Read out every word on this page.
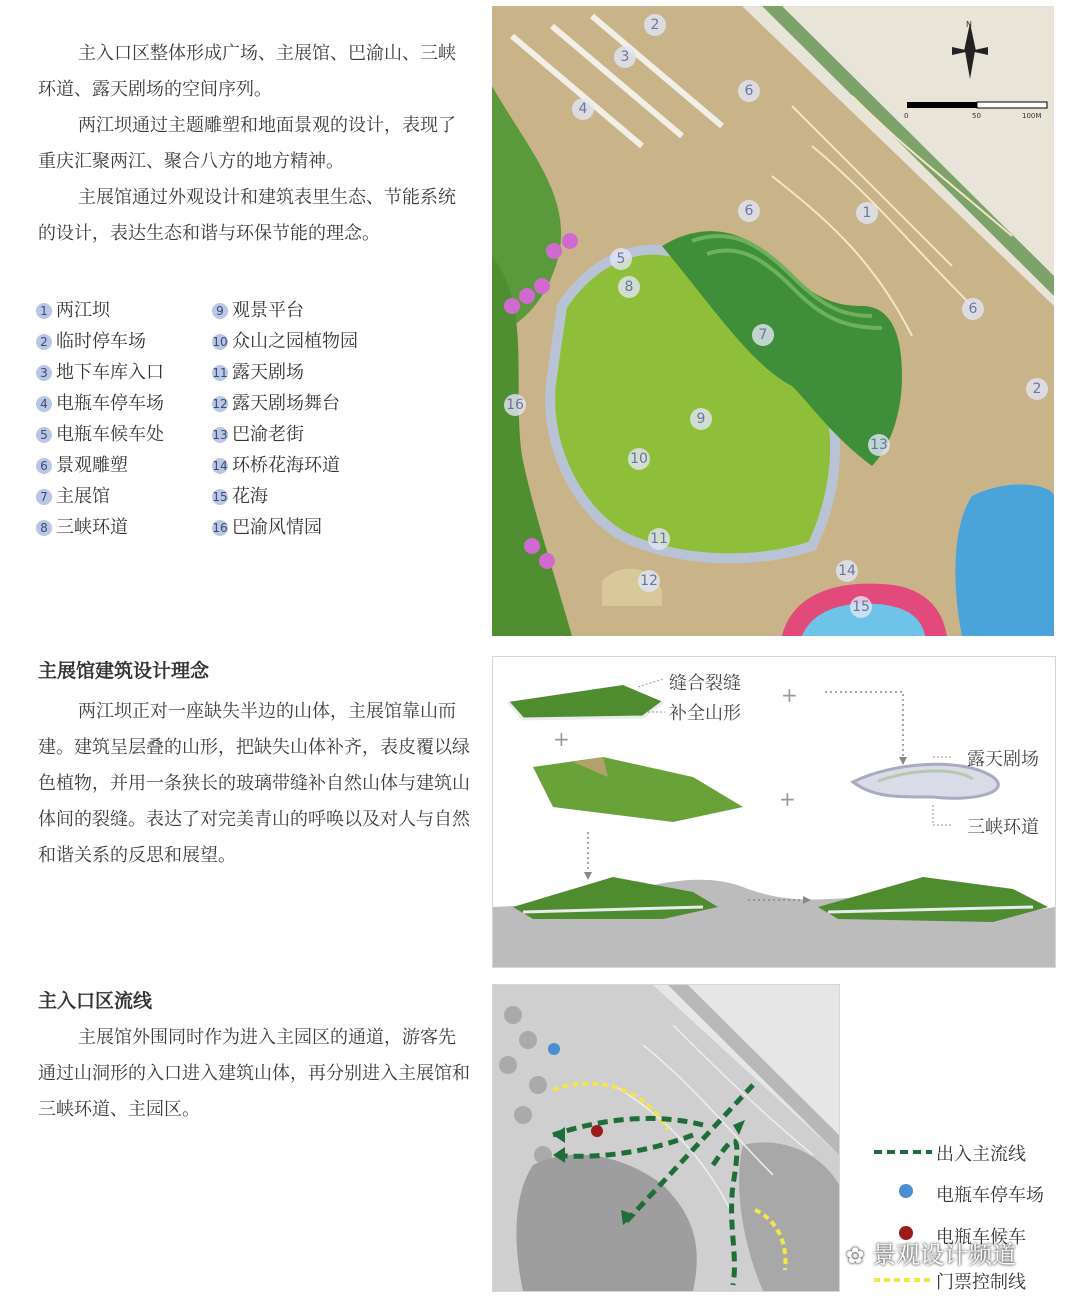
主入口区整体形成广场、主展馆、巴渝山、三峡环道、露天剧场的空间序列。

两江坝通过主题雕塑和地面景观的设计，表现了重庆汇聚两江、聚合八方的地方精神。

主展馆通过外观设计和建筑表里生态、节能系统的设计，表达生态和谐与环保节能的理念。

1 两江坝
2 临时停车场
3 地下车库入口
4 电瓶车停车场
5 电瓶车候车处
6 景观雕塑
7 主展馆
8 三峡环道
9 观景平台
10 众山之园植物园
11 露天剧场
12 露天剧场舞台
13 巴渝老街
14 环桥花海环道
15 花海
16 巴渝风情园
2
3
4
6
6	1
6
5
8
7
2
16
9
10
13
11
12
14
15
N
0	50	100M
主展馆建筑设计理念

两江坝正对一座缺失半边的山体，主展馆靠山而建。建筑呈层叠的山形，把缺失山体补齐，表皮覆以绿色植物，并用一条狭长的玻璃带缝补自然山体与建筑山体间的裂缝。表达了对完美青山的呼唤以及对人与自然和谐关系的反思和展望。

缝合裂缝
补全山形
露天剧场
三峡环道
+
+
+
主入口区流线

主展馆外围同时作为进入主园区的通道，游客先通过山洞形的入口进入建筑山体，再分别进入主展馆和三峡环道、主园区。

出入主流线
电瓶车停车场
电瓶车候车
门票控制线
✿ 景观设计频道
